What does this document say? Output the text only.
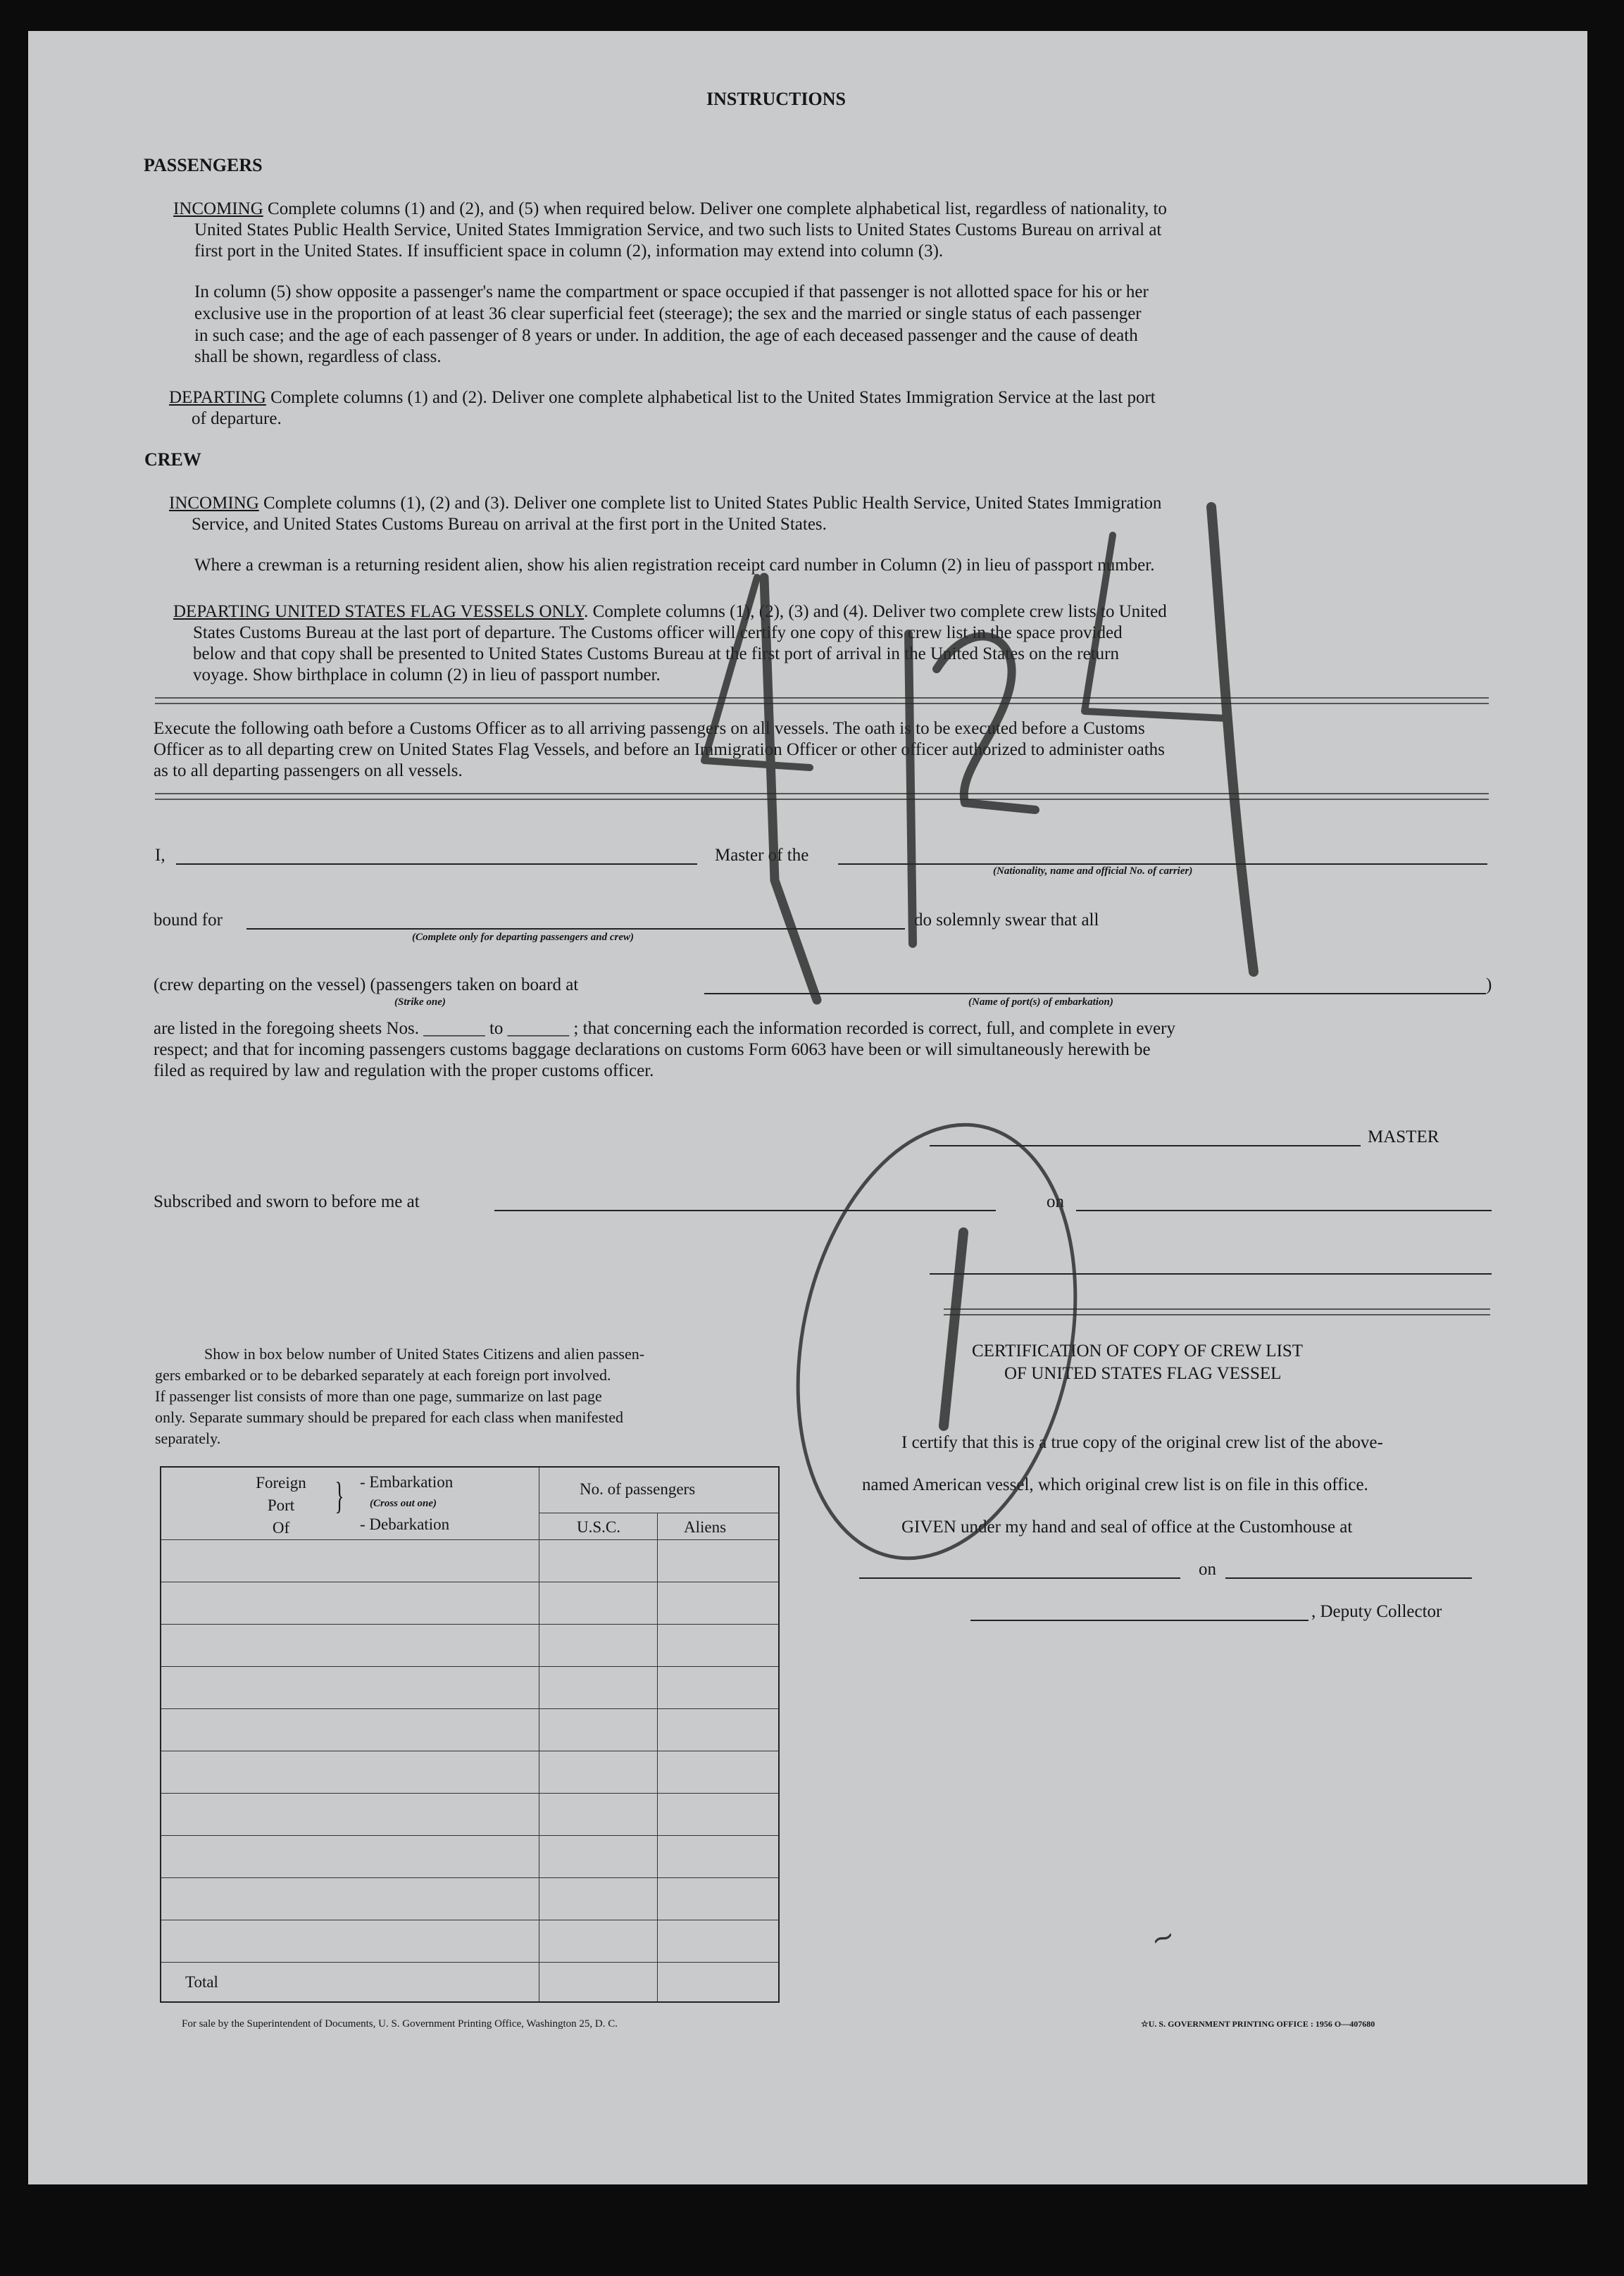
INSTRUCTIONS
PASSENGERS
INCOMING Complete columns (1) and (2), and (5) when required below. Deliver one complete alphabetical list, regardless of nationality, to
United States Public Health Service, United States Immigration Service, and two such lists to United States Customs Bureau on arrival at
first port in the United States. If insufficient space in column (2), information may extend into column (3).
In column (5) show opposite a passenger's name the compartment or space occupied if that passenger is not allotted space for his or her
exclusive use in the proportion of at least 36 clear superficial feet (steerage); the sex and the married or single status of each passenger
in such case; and the age of each passenger of 8 years or under. In addition, the age of each deceased passenger and the cause of death
shall be shown, regardless of class.
DEPARTING Complete columns (1) and (2). Deliver one complete alphabetical list to the United States Immigration Service at the last port
of departure.
CREW
INCOMING Complete columns (1), (2) and (3). Deliver one complete list to United States Public Health Service, United States Immigration
Service, and United States Customs Bureau on arrival at the first port in the United States.
Where a crewman is a returning resident alien, show his alien registration receipt card number in Column (2) in lieu of passport number.
DEPARTING UNITED STATES FLAG VESSELS ONLY. Complete columns (1), (2), (3) and (4). Deliver two complete crew lists to United
States Customs Bureau at the last port of departure. The Customs officer will certify one copy of this crew list in the space provided
below and that copy shall be presented to United States Customs Bureau at the first port of arrival in the United States on the return
voyage. Show birthplace in column (2) in lieu of passport number.
Execute the following oath before a Customs Officer as to all arriving passengers on all vessels. The oath is to be executed before a Customs
Officer as to all departing crew on United States Flag Vessels, and before an Immigration Officer or other officer authorized to administer oaths
as to all departing passengers on all vessels.
I,	Master of the
(Nationality, name and official No. of carrier)
bound for
(Complete only for departing passengers and crew)
do solemnly swear that all
(crew departing on the vessel) (passengers taken on board at	)
(Strike one)	(Name of port(s) of embarkation)
are listed in the foregoing sheets Nos. _______ to _______ ; that concerning each the information recorded is correct, full, and complete in every
respect; and that for incoming passengers customs baggage declarations on customs Form 6063 have been or will simultaneously herewith be
filed as required by law and regulation with the proper customs officer.
MASTER
Subscribed and sworn to before me at	on
Show in box below number of United States Citizens and alien passen-
gers embarked or to be debarked separately at each foreign port involved.
If passenger list consists of more than one page, summarize on last page
only. Separate summary should be prepared for each class when manifested
separately.
CERTIFICATION OF COPY OF CREW LIST
OF UNITED STATES FLAG VESSEL
I certify that this is a true copy of the original crew list of the above-
named American vessel, which original crew list is on file in this office.
GIVEN under my hand and seal of office at the Customhouse at
on
, Deputy Collector
For sale by the Superintendent of Documents, U. S. Government Printing Office, Washington 25, D. C.	☆U. S. GOVERNMENT PRINTING OFFICE : 1956 O—407680
Foreign
Port
Of
} - Embarkation
(Cross out one)
- Debarkation
No. of passengers
U.S.C.	Aliens
Total
~
